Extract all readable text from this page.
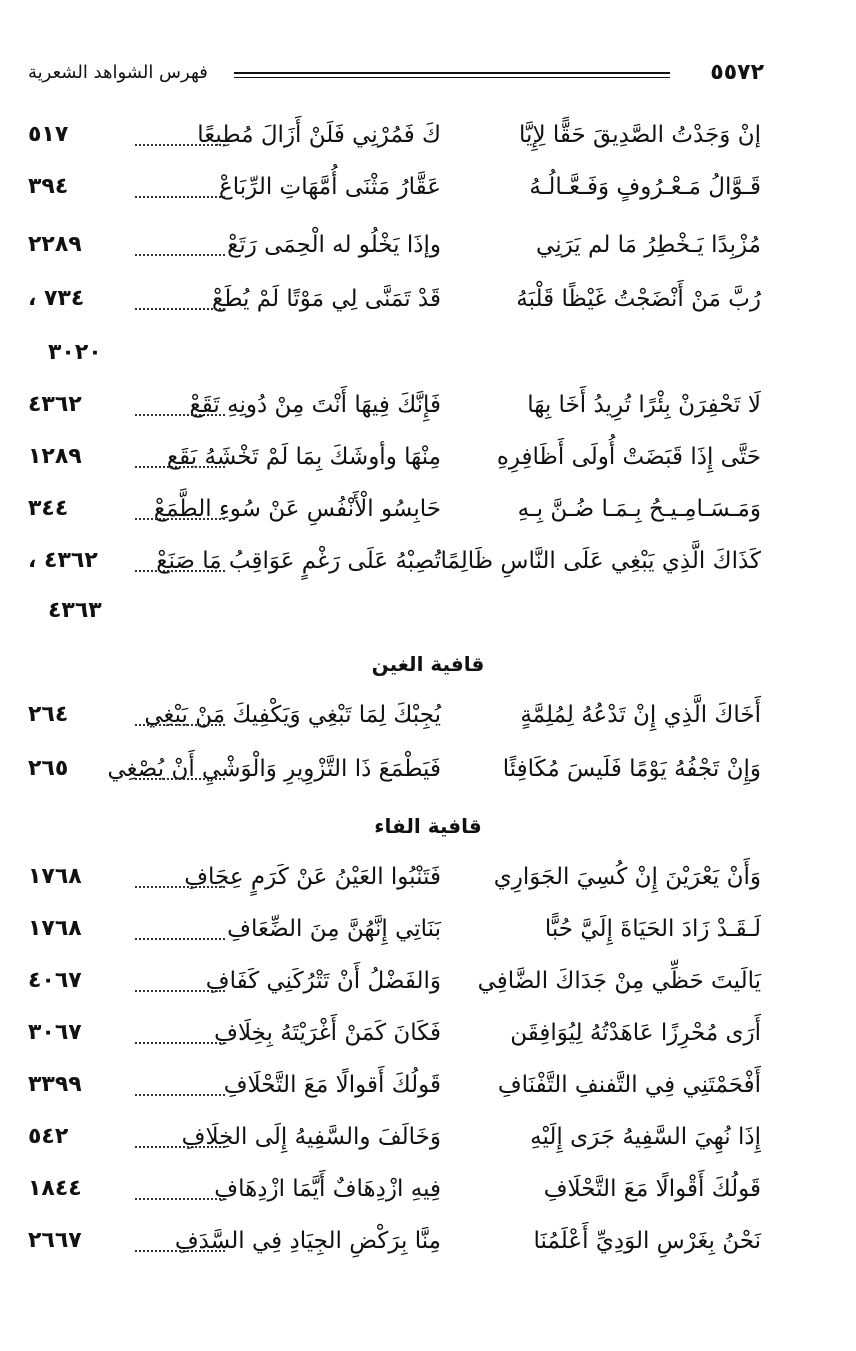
٥٥٧٢
فهرس الشواهد الشعرية
إنْ وَجَدْتُ الصَّدِيقَ حَقًّا لِإِيَّا
كَ فَمُرْنِي فَلَنْ أَزَالَ مُطِيعًا
٥١٧
قَـوَّالُ مَـعْـرُوفٍ وَفَـعَّـالُـهُ
عَقَّارُ مَثْنَى أُمَّهَاتِ الرِّبَاعْ
٣٩٤
مُزْبِدًا يَـخْطِرُ مَا لم يَرَنِي
وإذَا يَخْلُو له الْحِمَى رَتَعْ
٢٢٨٩
رُبَّ مَنْ أَنْضَجْتُ غَيْظًا قَلْبَهُ
قَدْ تَمَنَّى لِي مَوْتًا لَمْ يُطَعْ
٧٣٤ ،
٣٠٢٠
لَا تَحْفِرَنْ بِئْرًا تُرِيدُ أَخَا بِهَا
فَإِنَّكَ فِيهَا أَنْتَ مِنْ دُونِهِ تَقَعْ
٤٣٦٢
حَتَّى إِذَا قَبَضَتْ أُولَى أَظَافِرِهِ
مِنْهَا وأوشَكَ بِمَا لَمْ تَخْشَهُ يَقَع
١٢٨٩
وَمَـسَـامِـيـحُ بِـمَـا ضُـنَّ بِـهِ
حَابِسُو الْأَنْفُسِ عَنْ سُوءِ الطَّمَعْ
٣٤٤
كَذَاكَ الَّذِي يَبْغِي عَلَى النَّاسِ ظَالِمًا
تُصِبْهُ عَلَى رَغْمٍ عَوَاقِبُ مَا صَنَعْ
٤٣٦٢ ،
٤٣٦٣
قافية الغين
أَخَاكَ الَّذِي إِنْ تَدْعُهُ لِمُلِمَّةٍ
يُجِبْكَ لِمَا تَبْغِي وَيَكْفِيكَ مَنْ يَبْغِي
٢٦٤
وَإِنْ تَجْفُهُ يَوْمًا فَلَيسَ مُكَافِئًا
فَيَطْمَعَ ذَا التَّزْوِيرِ وَالْوَشْيِ أَنْ يُصْغِي
٢٦٥
قافية الفاء
وَأَنْ يَعْرَيْنَ إِنْ كُسِيَ الجَوَارِي
فَتَنْبُوا العَيْنُ عَنْ كَرَمٍ عِجَافِ
١٧٦٨
لَـقَـدْ زَادَ الحَيَاةَ إِلَيَّ حُبًّا
بَنَاتِي إِنَّهُنَّ مِنَ الضِّعَافِ
١٧٦٨
يَالَيتَ حَظِّي مِنْ جَدَاكَ الضَّافِي
وَالفَضْلُ أَنْ تَتْرُكَنِي كَفَافِ
٤٠٦٧
أَرَى مُحْرِزًا عَاهَدْتُهُ لِيُوَافِقَن
فَكَانَ كَمَنْ أَغْرَيْتَهُ بِخِلَافِ
٣٠٦٧
أَفْحَمْتَنِي فِي التَّفنفِ التَّفْنَافِ
قَولُكَ أَقوالًا مَعَ التَّحْلَافِ
٣٣٩٩
إِذَا نُهِيَ السَّفِيهُ جَرَى إِلَيْهِ
وَخَالَفَ والسَّفِيهُ إِلَى الخِلَافِ
٥٤٢
قَولُكَ أَقْوالًا مَعَ التَّحْلَافِ
فِيهِ ازْدِهَافٌ أَيَّمَا ازْدِهَافِ
١٨٤٤
نَحْنُ بِغَرْسِ الوَدِيِّ أَعْلَمُنَا
مِنَّا بِرَكْضِ الجِيَادِ فِي السَّدَفِ
٢٦٦٧
